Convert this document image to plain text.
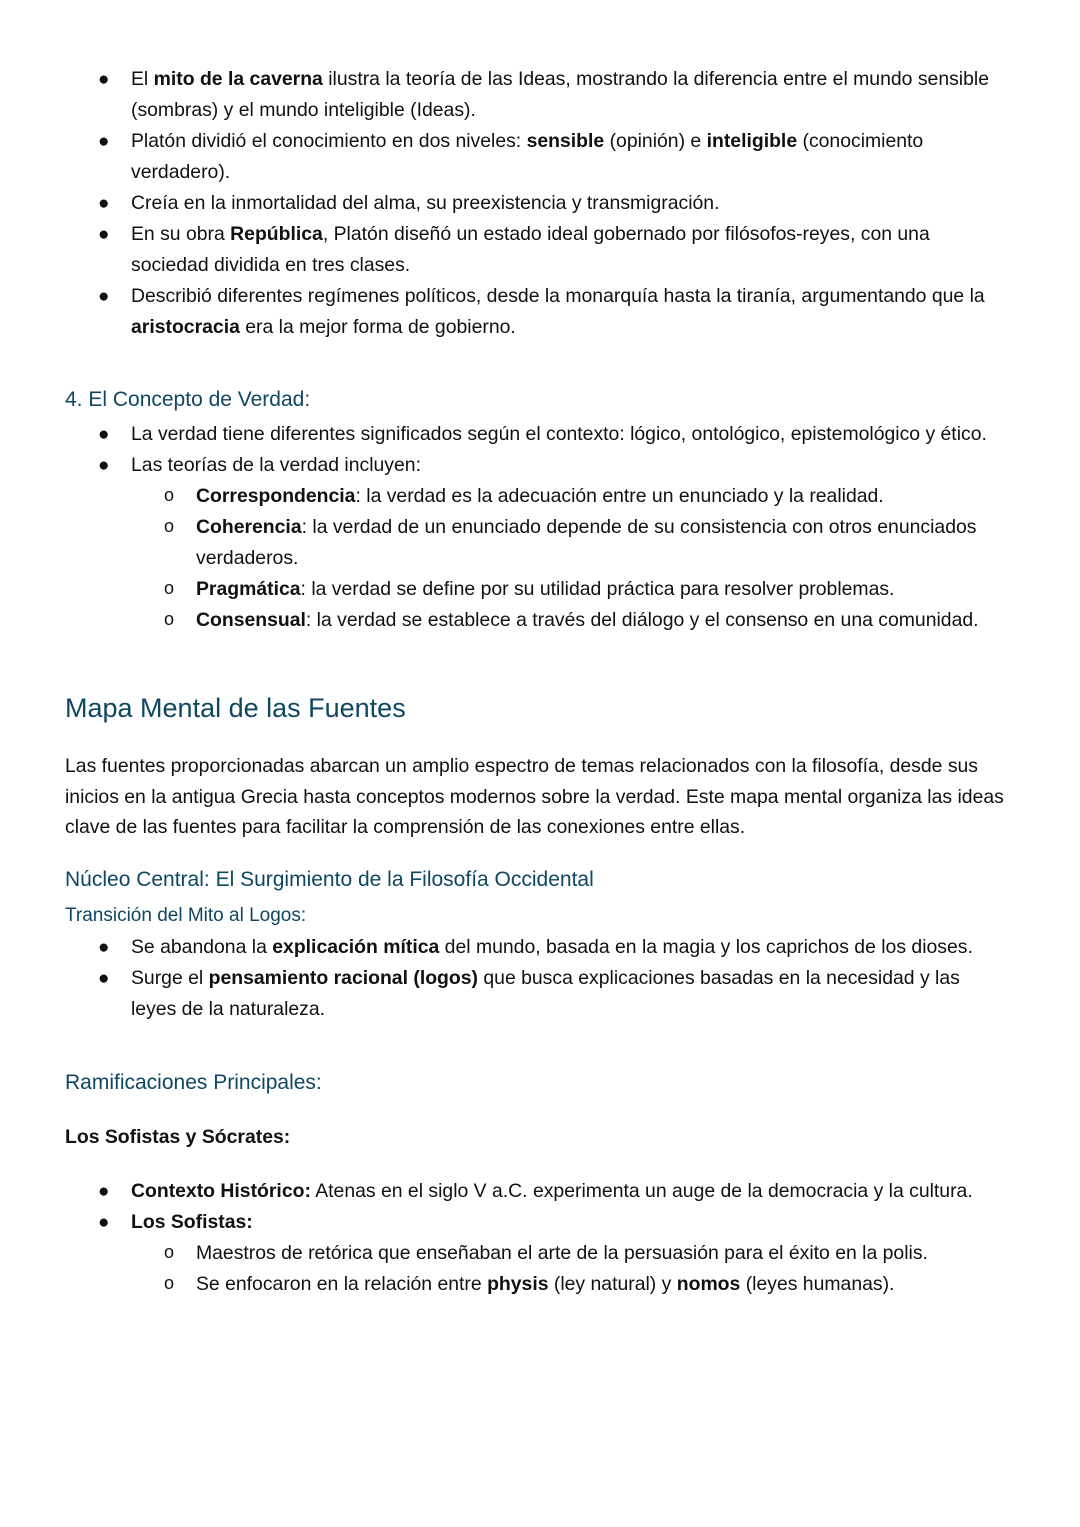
● El mito de la caverna ilustra la teoría de las Ideas, mostrando la diferencia entre el mundo sensible (sombras) y el mundo inteligible (Ideas).
● Platón dividió el conocimiento en dos niveles: sensible (opinión) e inteligible (conocimiento verdadero).
● Creía en la inmortalidad del alma, su preexistencia y transmigración.
● En su obra República, Platón diseñó un estado ideal gobernado por filósofos-reyes, con una sociedad dividida en tres clases.
● Describió diferentes regímenes políticos, desde la monarquía hasta la tiranía, argumentando que la aristocracia era la mejor forma de gobierno.
4. El Concepto de Verdad:
● La verdad tiene diferentes significados según el contexto: lógico, ontológico, epistemológico y ético.
● Las teorías de la verdad incluyen:
o Correspondencia: la verdad es la adecuación entre un enunciado y la realidad.
o Coherencia: la verdad de un enunciado depende de su consistencia con otros enunciados verdaderos.
o Pragmática: la verdad se define por su utilidad práctica para resolver problemas.
o Consensual: la verdad se establece a través del diálogo y el consenso en una comunidad.
Mapa Mental de las Fuentes
Las fuentes proporcionadas abarcan un amplio espectro de temas relacionados con la filosofía, desde sus inicios en la antigua Grecia hasta conceptos modernos sobre la verdad. Este mapa mental organiza las ideas clave de las fuentes para facilitar la comprensión de las conexiones entre ellas.
Núcleo Central: El Surgimiento de la Filosofía Occidental
Transición del Mito al Logos:
● Se abandona la explicación mítica del mundo, basada en la magia y los caprichos de los dioses.
● Surge el pensamiento racional (logos) que busca explicaciones basadas en la necesidad y las leyes de la naturaleza.
Ramificaciones Principales:
Los Sofistas y Sócrates:
● Contexto Histórico: Atenas en el siglo V a.C. experimenta un auge de la democracia y la cultura.
● Los Sofistas:
o Maestros de retórica que enseñaban el arte de la persuasión para el éxito en la polis.
o Se enfocaron en la relación entre physis (ley natural) y nomos (leyes humanas).
